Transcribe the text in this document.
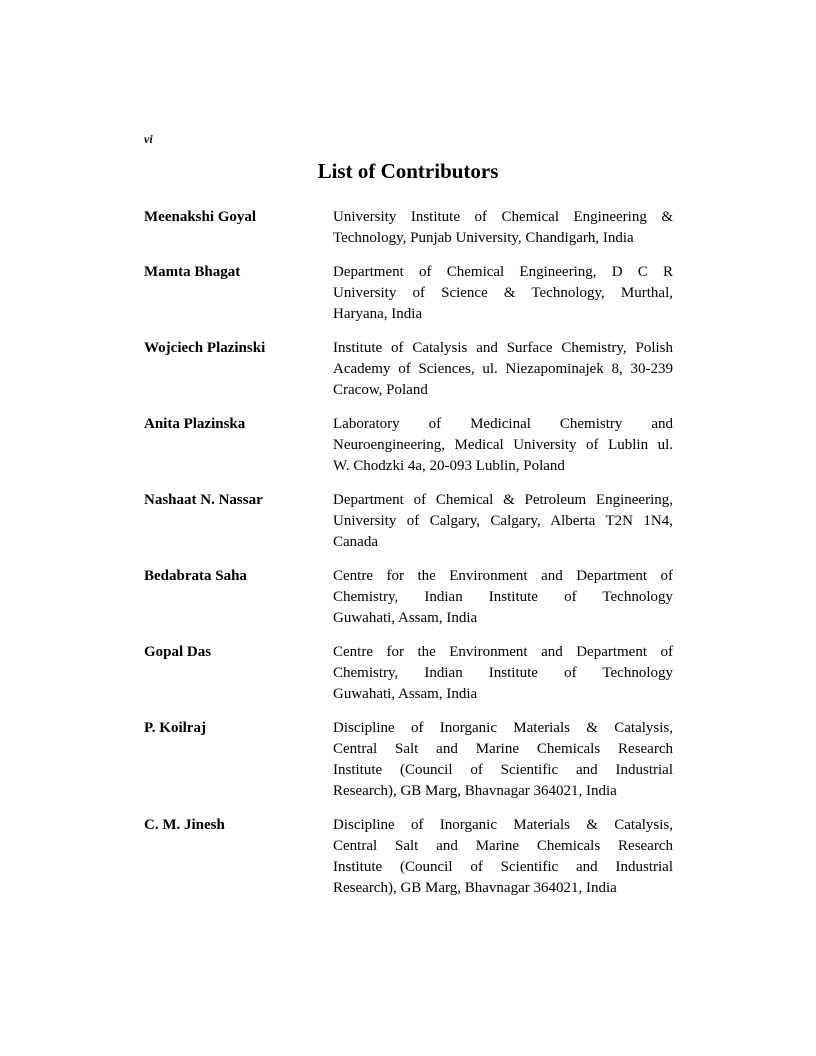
vi
List of Contributors
Meenakshi Goyal	University Institute of Chemical Engineering &
Technology, Punjab University, Chandigarh, India
Mamta Bhagat	Department of Chemical Engineering, D C R
University of Science & Technology, Murthal,
Haryana, India
Wojciech Plazinski	Institute of Catalysis and Surface Chemistry, Polish
Academy of Sciences, ul. Niezapominajek 8, 30-239
Cracow, Poland
Anita Plazinska	Laboratory of Medicinal Chemistry and
Neuroengineering, Medical University of Lublin ul.
W. Chodzki 4a, 20-093 Lublin, Poland
Nashaat N. Nassar	Department of Chemical & Petroleum Engineering,
University of Calgary, Calgary, Alberta T2N 1N4,
Canada
Bedabrata Saha	Centre for the Environment and Department of
Chemistry, Indian Institute of Technology
Guwahati, Assam, India
Gopal Das	Centre for the Environment and Department of
Chemistry, Indian Institute of Technology
Guwahati, Assam, India
P. Koilraj	Discipline of Inorganic Materials & Catalysis,
Central Salt and Marine Chemicals Research
Institute (Council of Scientific and Industrial
Research), GB Marg, Bhavnagar 364021, India
C. M. Jinesh	Discipline of Inorganic Materials & Catalysis,
Central Salt and Marine Chemicals Research
Institute (Council of Scientific and Industrial
Research), GB Marg, Bhavnagar 364021, India
